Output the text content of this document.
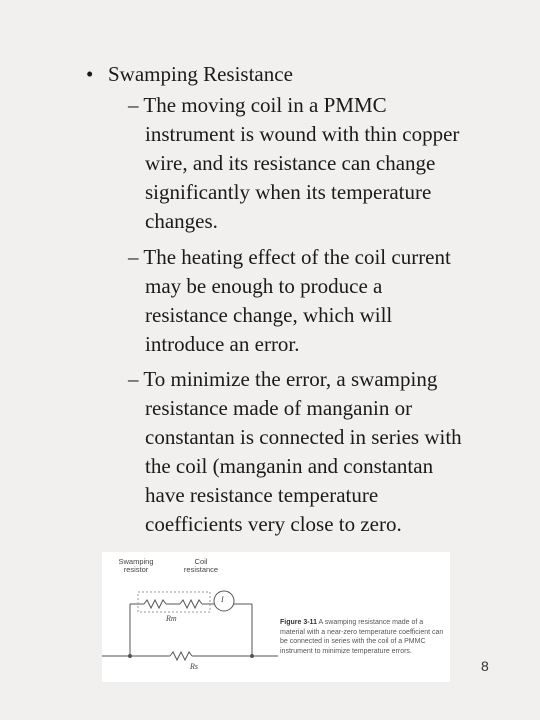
• Swamping Resistance
– The moving coil in a PMMC
instrument is wound with thin copper
wire, and its resistance can change
significantly when its temperature
changes.
– The heating effect of the coil current
may be enough to produce a
resistance change, which will
introduce an error.
– To minimize the error, a swamping
resistance made of manganin or
constantan is connected in series with
the coil (manganin and constantan
have resistance temperature
coefficients very close to zero.
Swamping resistor
Coil resistance
Rm
Rs
I
Figure 3-11 A swamping resistance made of a material with a near-zero temperature coefficient can be connected in series with the coil of a PMMC instrument to minimize temperature errors.
8
